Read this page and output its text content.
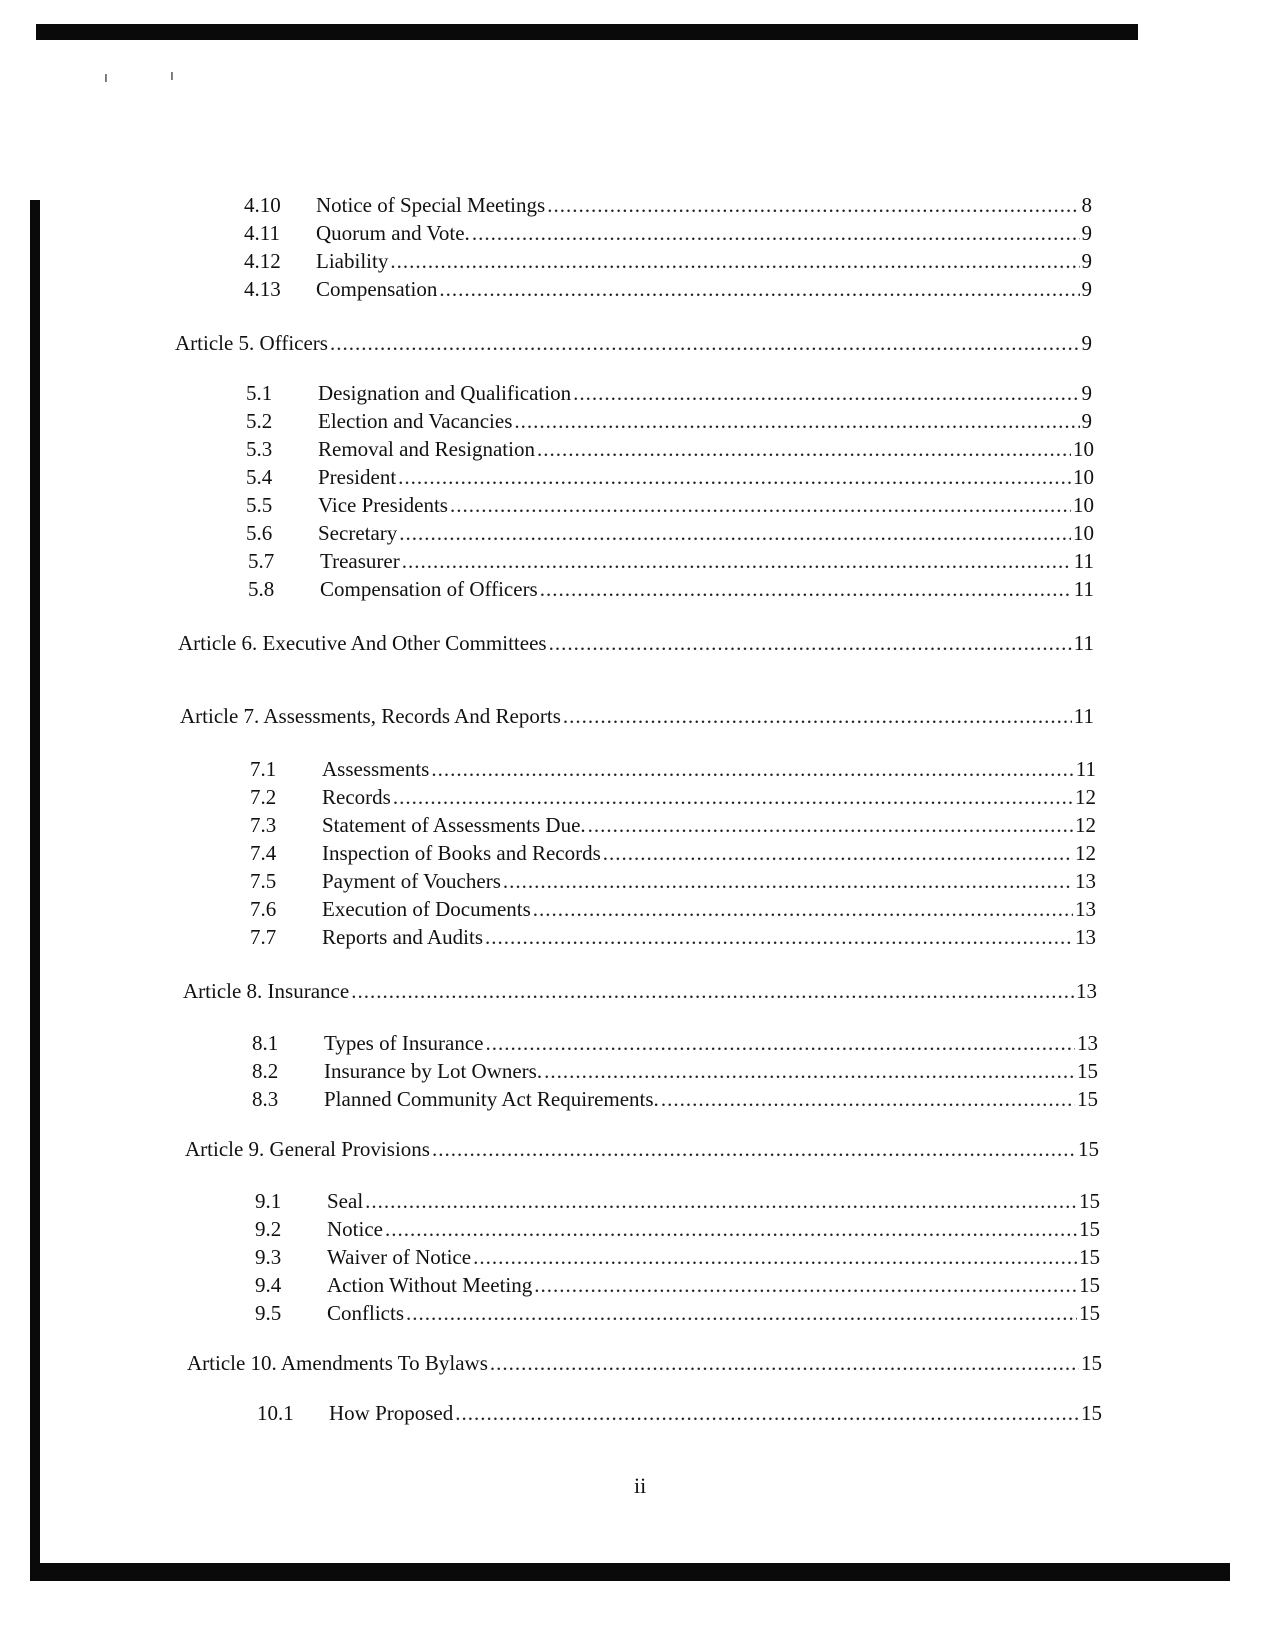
ı	ı
4.10	Notice of Special Meetings .....	8
4.11	Quorum and Vote. .....	9
4.12	Liability .....	9
4.13	Compensation .....	9
Article 5. Officers .....	9
5.1	Designation and Qualification .....	9
5.2	Election and Vacancies .....	9
5.3	Removal and Resignation .....	10
5.4	President .....	10
5.5	Vice Presidents .....	10
5.6	Secretary .....	10
5.7	Treasurer .....	11
5.8	Compensation of Officers .....	11
Article 6. Executive And Other Committees .....	11
Article 7. Assessments, Records And Reports .....	11
7.1	Assessments .....	11
7.2	Records .....	12
7.3	Statement of Assessments Due. .....	12
7.4	Inspection of Books and Records .....	12
7.5	Payment of Vouchers .....	13
7.6	Execution of Documents .....	13
7.7	Reports and Audits .....	13
Article 8. Insurance .....	13
8.1	Types of Insurance .....	13
8.2	Insurance by Lot Owners. .....	15
8.3	Planned Community Act Requirements. .....	15
Article 9. General Provisions .....	15
9.1	Seal .....	15
9.2	Notice .....	15
9.3	Waiver of Notice .....	15
9.4	Action Without Meeting .....	15
9.5	Conflicts .....	15
Article 10. Amendments To Bylaws .....	15
10.1	How Proposed .....	15
ii
